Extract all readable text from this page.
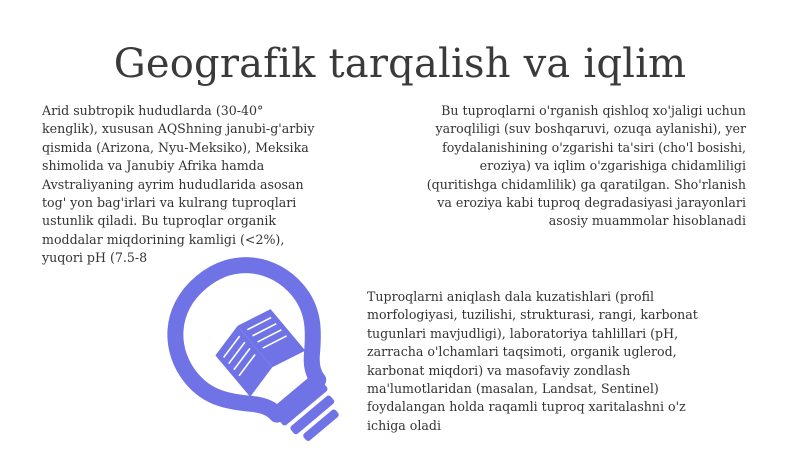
Geografik tarqalish va iqlim
Arid subtropik hududlarda (30-40°
kenglik), xususan AQShning janubi-g'arbiy
qismida (Arizona, Nyu-Meksiko), Meksika
shimolida va Janubiy Afrika hamda
Avstraliyaning ayrim hududlarida asosan
tog' yon bag'irlari va kulrang tuproqlari
ustunlik qiladi. Bu tuproqlar organik
moddalar miqdorining kamligi (<2%),
yuqori pH (7.5-8
Bu tuproqlarni o'rganish qishloq xo'jaligi uchun
yaroqliligi (suv boshqaruvi, ozuqa aylanishi), yer
foydalanishining o'zgarishi ta'siri (cho'l bosishi,
eroziya) va iqlim o'zgarishiga chidamliligi
(quritishga chidamlilik) ga qaratilgan. Sho'rlanish
va eroziya kabi tuproq degradasiyasi jarayonlari
asosiy muammolar hisoblanadi
Tuproqlarni aniqlash dala kuzatishlari (profil
morfologiyasi, tuzilishi, strukturasi, rangi, karbonat
tugunlari mavjudligi), laboratoriya tahlillari (pH,
zarracha o'lchamlari taqsimoti, organik uglerod,
karbonat miqdori) va masofaviy zondlash
ma'lumotlaridan (masalan, Landsat, Sentinel)
foydalangan holda raqamli tuproq xaritalashni o'z
ichiga oladi
